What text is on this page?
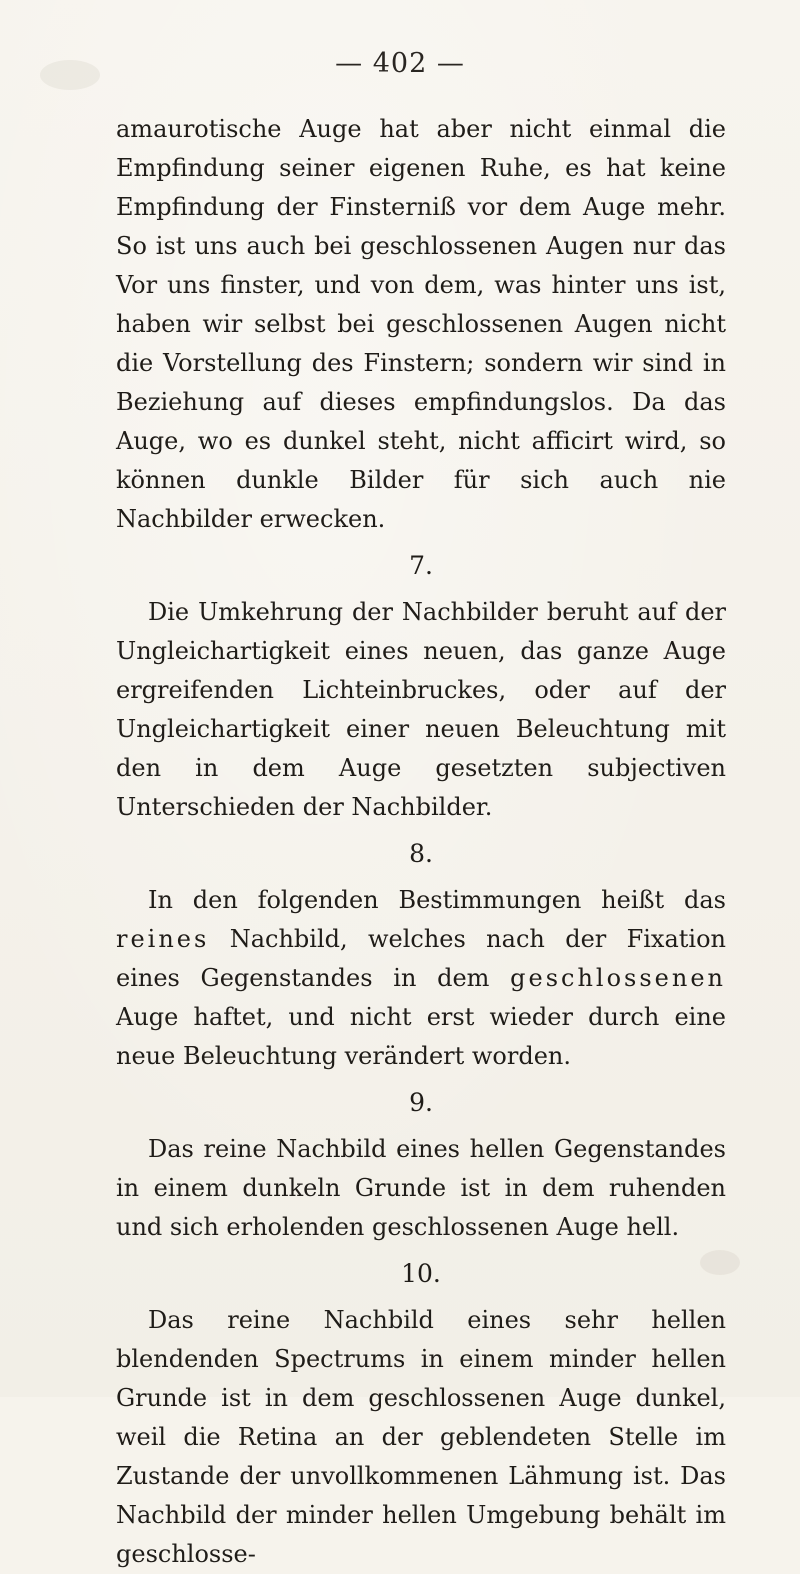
— 402 —

amaurotische Auge hat aber nicht einmal die Empfindung seiner eigenen Ruhe, es hat keine Empfindung der Finsterniß vor dem Auge mehr. So ist uns auch bei geschlossenen Augen nur das Vor uns finster, und von dem, was hinter uns ist, haben wir selbst bei geschlossenen Augen nicht die Vorstellung des Finstern; sondern wir sind in Beziehung auf dieses empfindungslos. Da das Auge, wo es dunkel steht, nicht afficirt wird, so können dunkle Bilder für sich auch nie Nachbilder erwecken.

7.

Die Umkehrung der Nachbilder beruht auf der Ungleichartigkeit eines neuen, das ganze Auge ergreifenden Lichteinbruckes, oder auf der Ungleichartigkeit einer neuen Beleuchtung mit den in dem Auge gesetzten subjectiven Unterschieden der Nachbilder.

8.

In den folgenden Bestimmungen heißt das reines Nachbild, welches nach der Fixation eines Gegenstandes in dem geschlossenen Auge haftet, und nicht erst wieder durch eine neue Beleuchtung verändert worden.

9.

Das reine Nachbild eines hellen Gegenstandes in einem dunkeln Grunde ist in dem ruhenden und sich erholenden geschlossenen Auge hell.

10.

Das reine Nachbild eines sehr hellen blendenden Spectrums in einem minder hellen Grunde ist in dem geschlossenen Auge dunkel, weil die Retina an der geblendeten Stelle im Zustande der unvollkommenen Lähmung ist. Das Nachbild der minder hellen Umgebung behält im geschlosse-
